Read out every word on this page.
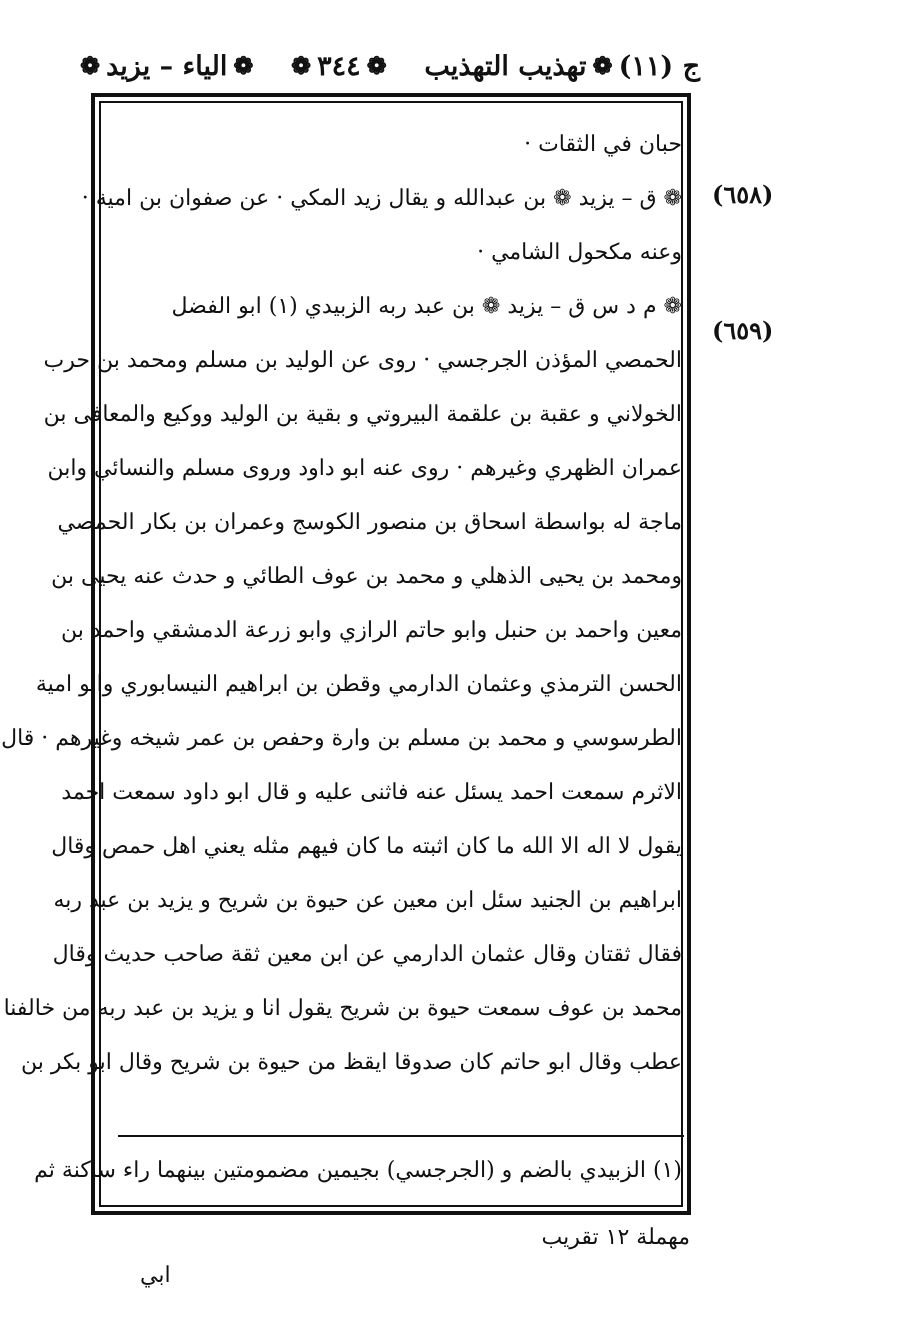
ج (١١)
❁
تهذيب التهذيب
❁
٣٤٤
❁
❁
الياء – يزيد
❁
(٦٥٨)
(٦٥٩)
حبان في الثقات ·
❁ ق – يزيد ❁ بن عبدالله و يقال زيد المكي · عن صفوان بن امية ·
وعنه مكحول الشامي ·
❁ م د س ق – يزيد ❁ بن عبد ربه الزبيدي (١) ابو الفضل
الحمصي المؤذن الجرجسي · روى عن الوليد بن مسلم ومحمد بن حرب
الخولاني و عقبة بن علقمة البيروتي و بقية بن الوليد ووكيع والمعافى بن
عمران الظهري وغيرهم · روى عنه ابو داود وروى مسلم والنسائي وابن
ماجة له بواسطة اسحاق بن منصور الكوسج وعمران بن بكار الحمصي
ومحمد بن يحيى الذهلي و محمد بن عوف الطائي و حدث عنه يحيى بن
معين واحمد بن حنبل وابو حاتم الرازي وابو زرعة الدمشقي واحمد بن
الحسن الترمذي وعثمان الدارمي وقطن بن ابراهيم النيسابوري وابو امية
الطرسوسي و محمد بن مسلم بن وارة وحفص بن عمر شيخه وغيرهم · قال
الاثرم سمعت احمد يسئل عنه فاثنى عليه و قال ابو داود سمعت احمد
يقول لا اله الا الله ما كان اثبته ما كان فيهم مثله يعني اهل حمص وقال
ابراهيم بن الجنيد سئل ابن معين عن حيوة بن شريح و يزيد بن عبد ربه
فقال ثقتان وقال عثمان الدارمي عن ابن معين ثقة صاحب حديث وقال
محمد بن عوف سمعت حيوة بن شريح يقول انا و يزيد بن عبد ربه من خالفنا
عطب وقال ابو حاتم كان صدوقا ايقظ من حيوة بن شريح وقال ابو بكر بن
(١) الزبيدي بالضم و (الجرجسي) بجيمين مضمومتين بينهما راء ساكنة ثم
مهملة ١٢ تقريب
ابي
